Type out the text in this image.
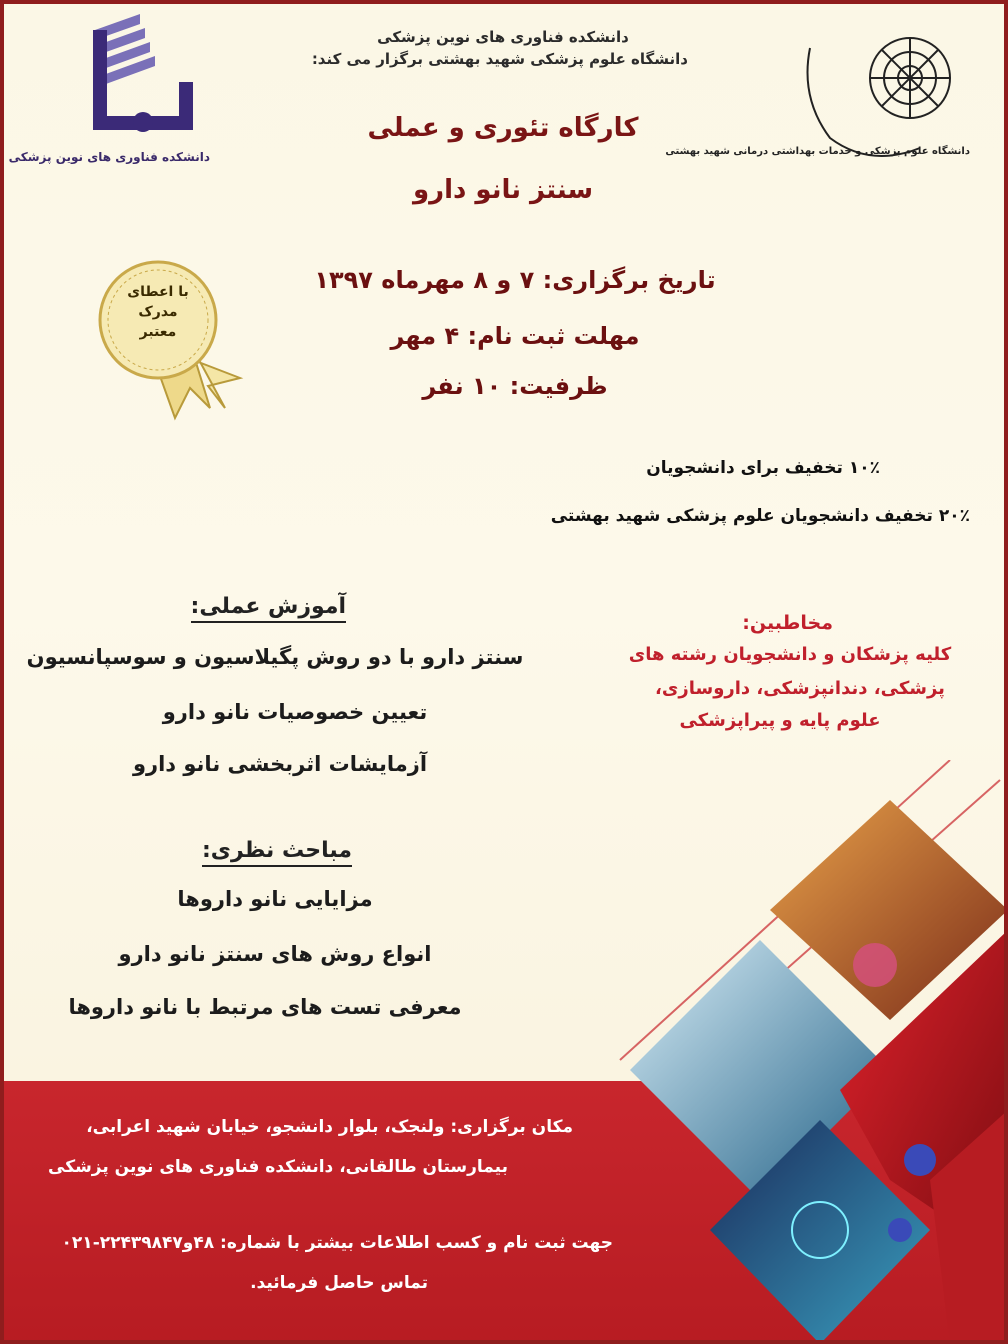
دانشکده فناوری های نوین پزشکی	دانشگاه علوم پزشکی و خدمات بهداشتی درمانی شهید بهشتی
دانشکده فناوری های نوین پزشکی
دانشگاه علوم پزشکی شهید بهشتی برگزار می کند:
کارگاه تئوری و عملی
سنتز نانو دارو
تاریخ برگزاری: ۷ و ۸ مهرماه ۱۳۹۷
مهلت ثبت نام: ۴ مهر
ظرفیت: ۱۰ نفر
با اعطای
مدرک
معتبر
۱۰٪ تخفیف برای دانشجویان
۲۰٪ تخفیف دانشجویان علوم پزشکی شهید بهشتی
آموزش عملی:
سنتز دارو با دو روش پگیلاسیون و سوسپانسیون
تعیین خصوصیات نانو دارو
آزمایشات اثربخشی نانو دارو
مباحث نظری:
مزایایی نانو داروها
انواع روش های سنتز نانو دارو
معرفی تست های مرتبط با نانو داروها
مخاطبین:
کلیه پزشکان و دانشجویان رشته های
پزشکی، دندانپزشکی، داروسازی،
علوم پایه و پیراپزشکی
مکان برگزاری: ولنجک، بلوار دانشجو، خیابان شهید اعرابی،
بیمارستان طالقانی، دانشکده فناوری های نوین پزشکی
جهت ثبت نام و کسب اطلاعات بیشتر با شماره: ۴۸و۲۲۴۳۹۸۴۷-۰۲۱
تماس حاصل فرمائید.
